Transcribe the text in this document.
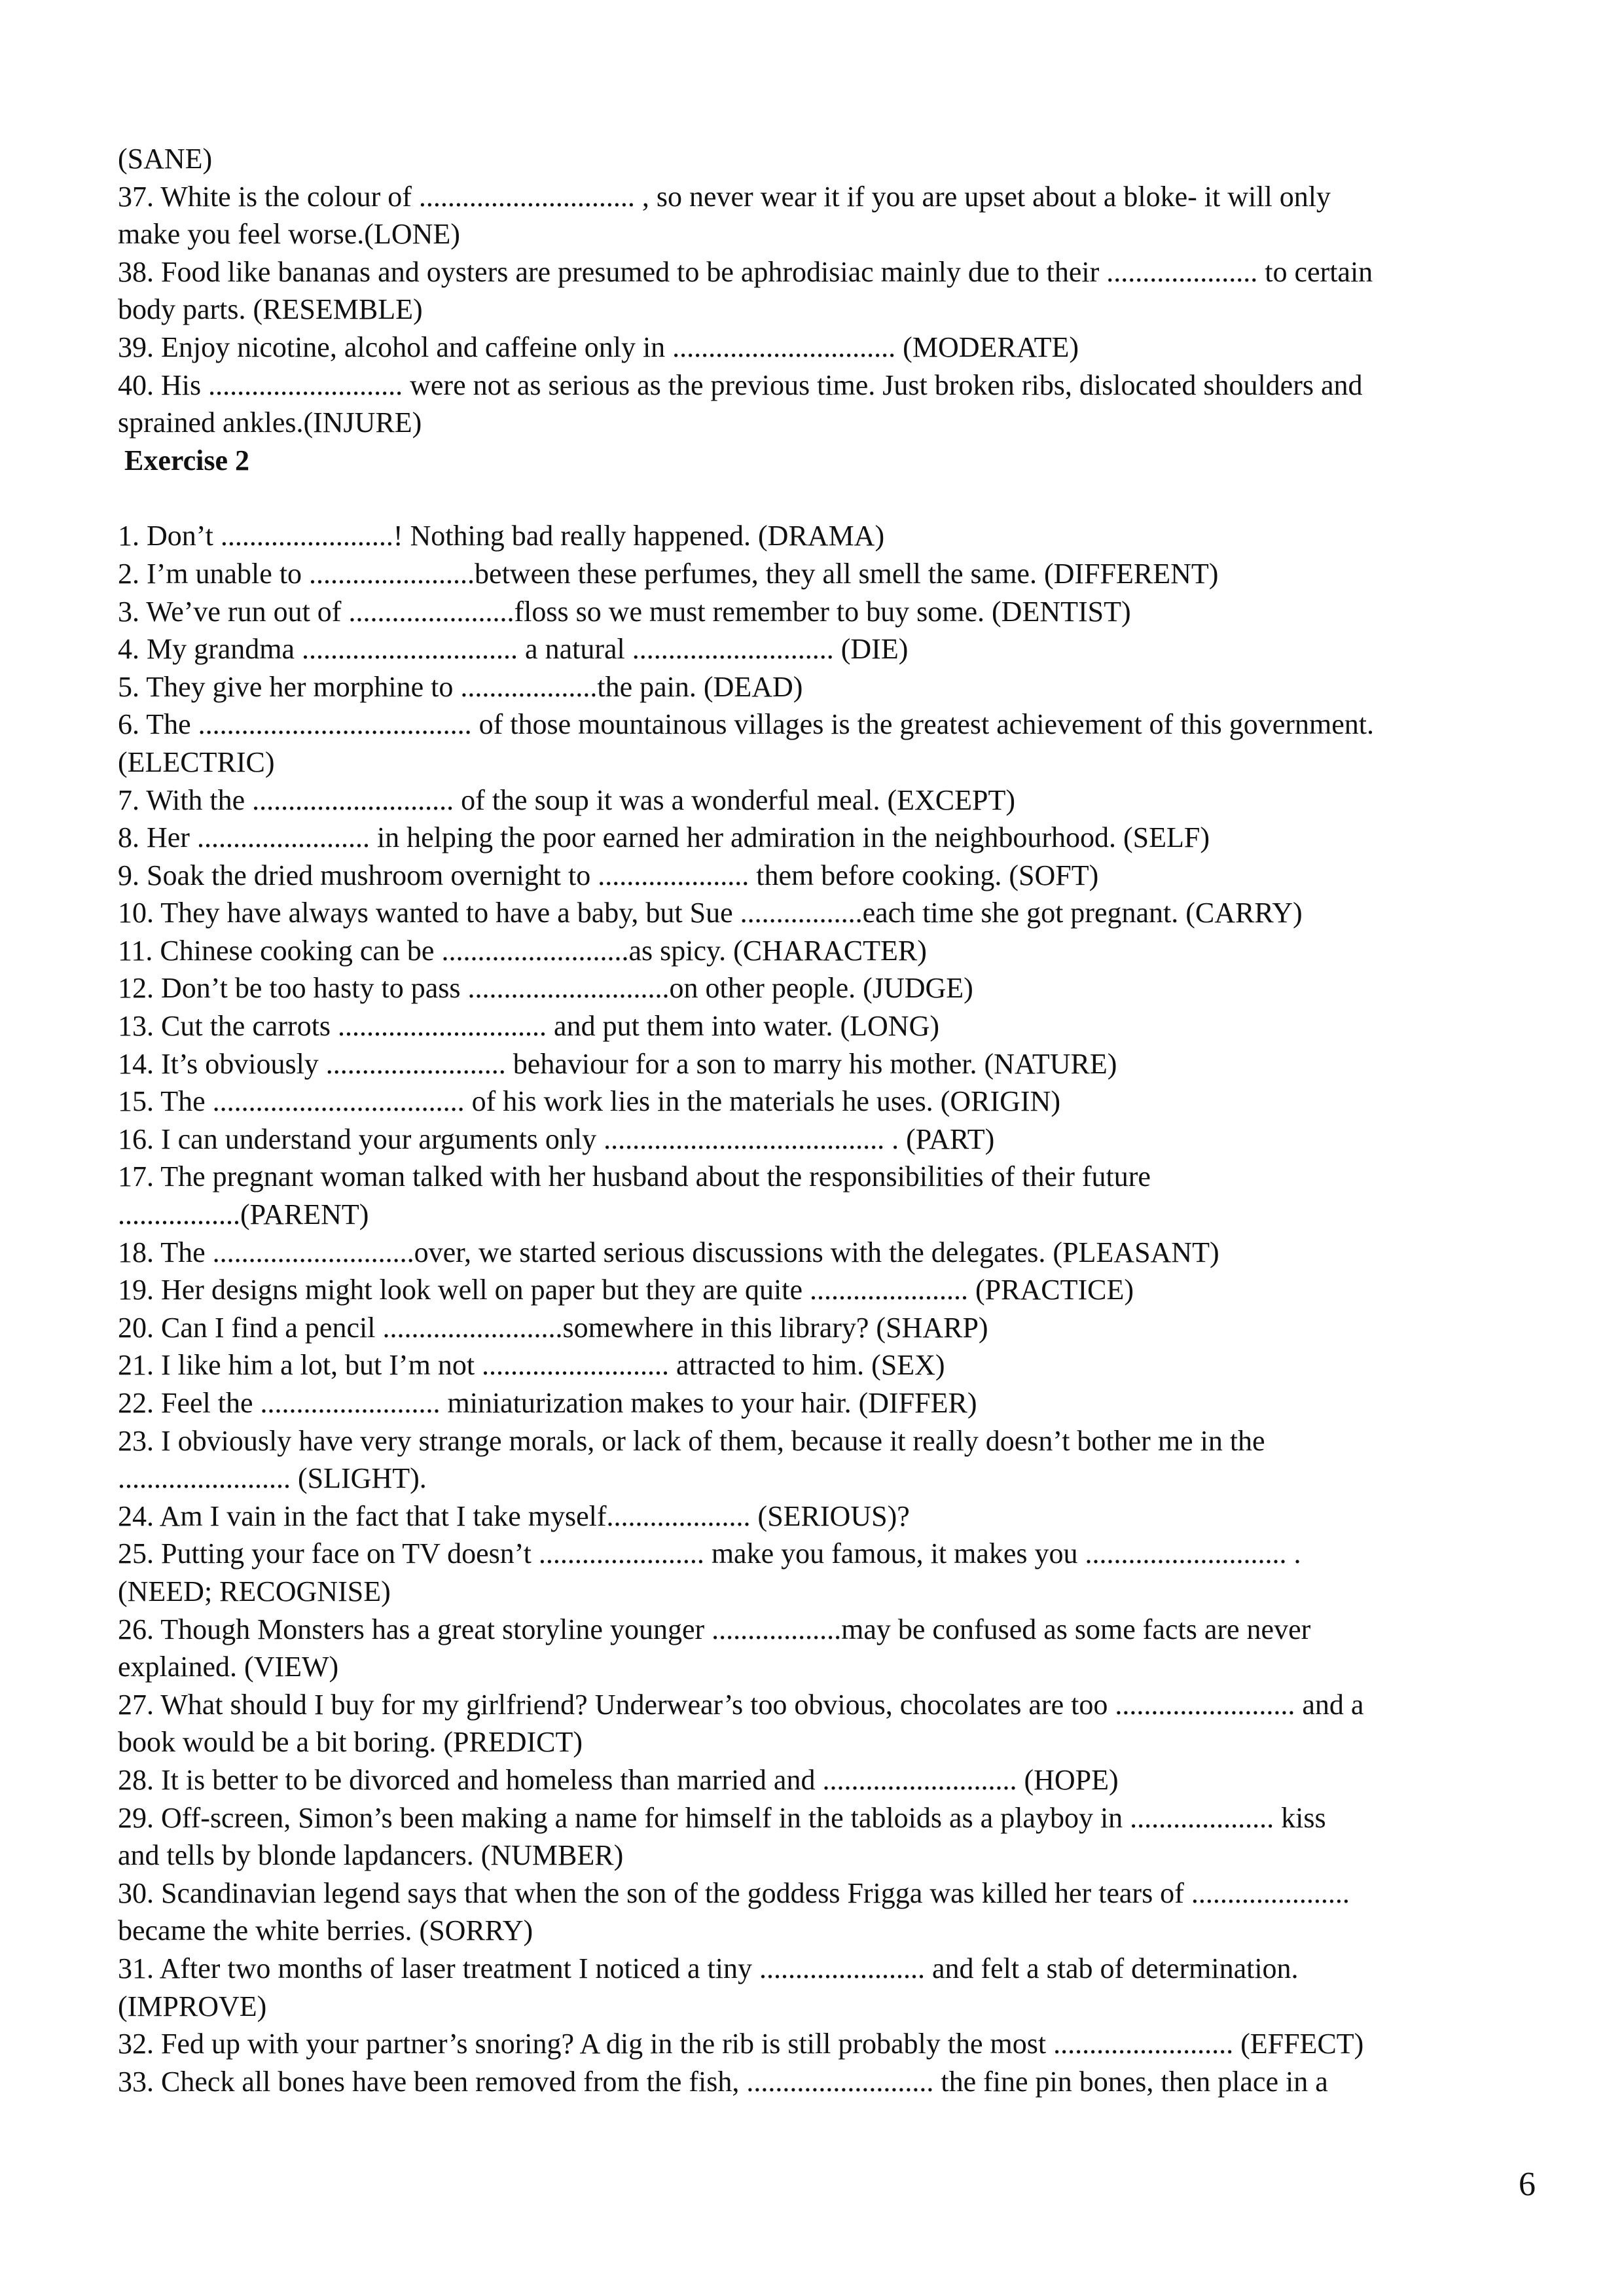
(SANE)

37. White is the colour of .............................. , so never wear it if you are upset about a bloke- it will only

make you feel worse.(LONE)

38. Food like bananas and oysters are presumed to be aphrodisiac mainly due to their ..................... to certain

body parts. (RESEMBLE)

39. Enjoy nicotine, alcohol and caffeine only in ............................... (MODERATE)

40. His ........................... were not as serious as the previous time. Just broken ribs, dislocated shoulders and

sprained ankles.(INJURE)

Exercise 2

1. Don’t ........................! Nothing bad really happened. (DRAMA)

2. I’m unable to .......................between these perfumes, they all smell the same. (DIFFERENT)

3. We’ve run out of .......................floss so we must remember to buy some. (DENTIST)

4. My grandma .............................. a natural ............................ (DIE)

5. They give her morphine to ...................the pain. (DEAD)

6. The ...................................... of those mountainous villages is the greatest achievement of this government.

(ELECTRIC)

7. With the ............................ of the soup it was a wonderful meal. (EXCEPT)

8. Her ........................ in helping the poor earned her admiration in the neighbourhood. (SELF)

9. Soak the dried mushroom overnight to ..................... them before cooking. (SOFT)

10. They have always wanted to have a baby, but Sue .................each time she got pregnant. (CARRY)

11. Chinese cooking can be ..........................as spicy. (CHARACTER)

12. Don’t be too hasty to pass ............................on other people. (JUDGE)

13. Cut the carrots ............................. and put them into water. (LONG)

14. It’s obviously ......................... behaviour for a son to marry his mother. (NATURE)

15. The ................................... of his work lies in the materials he uses. (ORIGIN)

16. I can understand your arguments only ....................................... . (PART)

17. The pregnant woman talked with her husband about the responsibilities of their future

.................(PARENT)

18. The ............................over, we started serious discussions with the delegates. (PLEASANT)

19. Her designs might look well on paper but they are quite ...................... (PRACTICE)

20. Can I find a pencil .........................somewhere in this library? (SHARP)

21. I like him a lot, but I’m not .......................... attracted to him. (SEX)

22. Feel the ......................... miniaturization makes to your hair. (DIFFER)

23. I obviously have very strange morals, or lack of them, because it really doesn’t bother me in the

........................ (SLIGHT).

24. Am I vain in the fact that I take myself.................... (SERIOUS)?

25. Putting your face on TV doesn’t ....................... make you famous, it makes you ............................ .

(NEED; RECOGNISE)

26. Though Monsters has a great storyline younger ..................may be confused as some facts are never

explained. (VIEW)

27. What should I buy for my girlfriend? Underwear’s too obvious, chocolates are too ......................... and a

book would be a bit boring. (PREDICT)

28. It is better to be divorced and homeless than married and ........................... (HOPE)

29. Off-screen, Simon’s been making a name for himself in the tabloids as a playboy in .................... kiss

and tells by blonde lapdancers. (NUMBER)

30. Scandinavian legend says that when the son of the goddess Frigga was killed her tears of ......................

became the white berries. (SORRY)

31. After two months of laser treatment I noticed a tiny ....................... and felt a stab of determination.

(IMPROVE)

32. Fed up with your partner’s snoring? A dig in the rib is still probably the most ......................... (EFFECT)

33. Check all bones have been removed from the fish, .......................... the fine pin bones, then place in a

6
